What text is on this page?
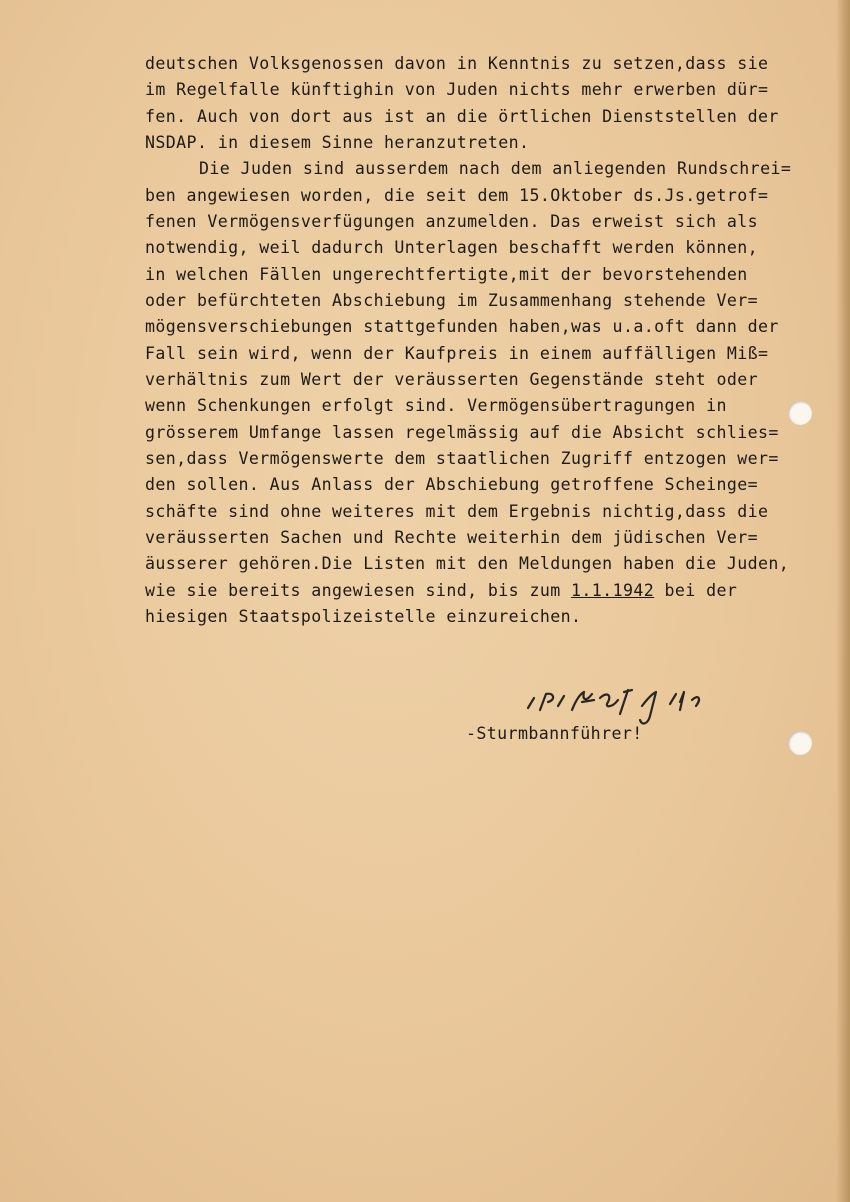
deutschen Volksgenossen davon in Kenntnis zu setzen,dass sie
im Regelfalle künftighin von Juden nichts mehr erwerben dür=
fen. Auch von dort aus ist an die örtlichen Dienststellen der
NSDAP. in diesem Sinne heranzutreten.
Die Juden sind ausserdem nach dem anliegenden Rundschrei=
ben angewiesen worden, die seit dem 15.Oktober ds.Js.getrof=
fenen Vermögensverfügungen anzumelden. Das erweist sich als
notwendig, weil dadurch Unterlagen beschafft werden können,
in welchen Fällen ungerechtfertigte,mit der bevorstehenden
oder befürchteten Abschiebung im Zusammenhang stehende Ver=
mögensverschiebungen stattgefunden haben,was u.a.oft dann der
Fall sein wird, wenn der Kaufpreis in einem auffälligen Miß=
verhältnis zum Wert der veräusserten Gegenstände steht oder
wenn Schenkungen erfolgt sind. Vermögensübertragungen in
grösserem Umfange lassen regelmässig auf die Absicht schlies=
sen,dass Vermögenswerte dem staatlichen Zugriff entzogen wer=
den sollen. Aus Anlass der Abschiebung getroffene Scheinge=
schäfte sind ohne weiteres mit dem Ergebnis nichtig,dass die
veräusserten Sachen und Rechte weiterhin dem jüdischen Ver=
äusserer gehören.Die Listen mit den Meldungen haben die Juden,
wie sie bereits angewiesen sind, bis zum 1.1.1942 bei der
hiesigen Staatspolizeistelle einzureichen.
Pl. Stg.
-Sturmbannführer!
